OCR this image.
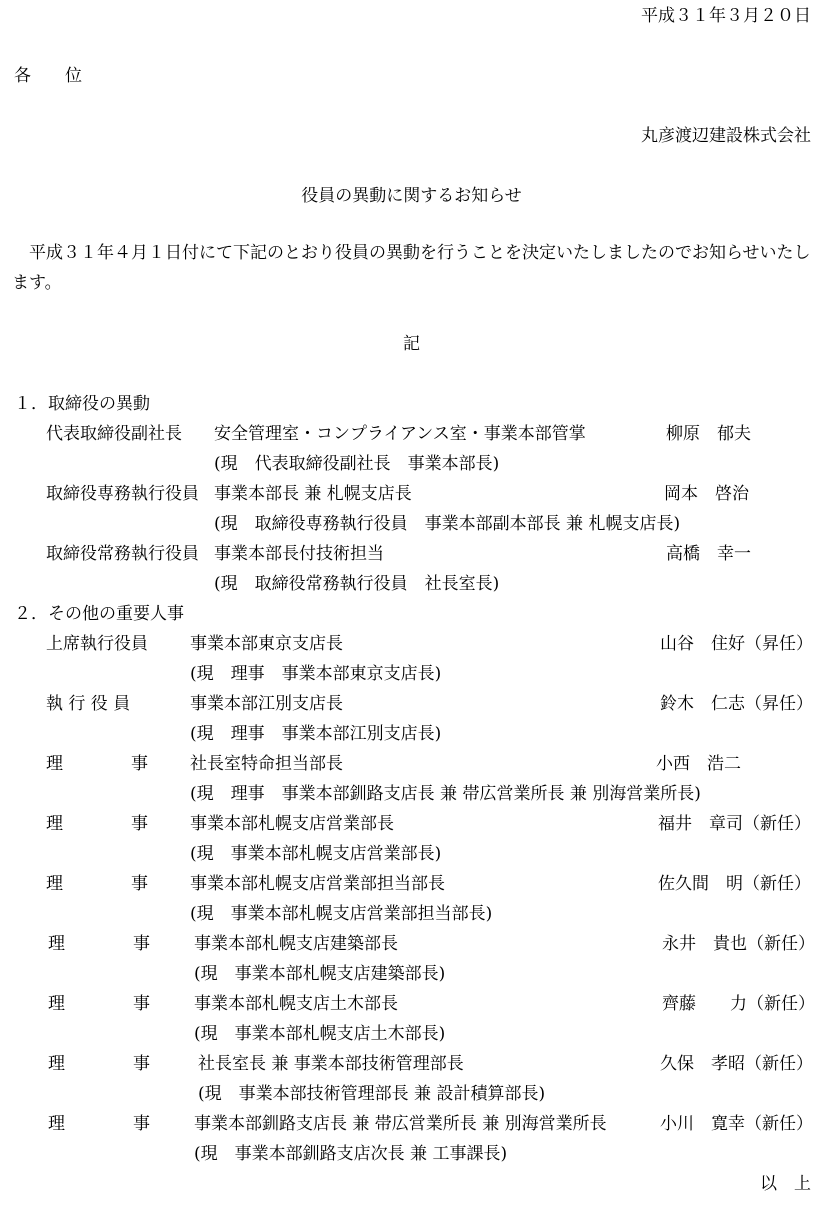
平成３１年３月２０日
各　　位
丸彦渡辺建設株式会社
役員の異動に関するお知らせ
平成３１年４月１日付にて下記のとおり役員の異動を行うことを決定いたしましたのでお知らせいたします。
記
１．取締役の異動
代表取締役副社長 安全管理室・コンプライアンス室・事業本部管掌	柳原　郁夫
(現　代表取締役副社長　事業本部長)
取締役専務執行役員 事業本部長 兼 札幌支店長	岡本　啓治
(現　取締役専務執行役員　事業本部副本部長 兼 札幌支店長)
取締役常務執行役員 事業本部長付技術担当	高橋　幸一
(現　取締役常務執行役員　社長室長)
２．その他の重要人事
上席執行役員 事業本部東京支店長	山谷　住好（昇任）
(現　理事　事業本部東京支店長)
執 行 役 員	事業本部江別支店長	鈴木　仁志（昇任）
(現　理事　事業本部江別支店長)
理　　　　事 社長室特命担当部長	小西　浩二
(現　理事　事業本部釧路支店長 兼 帯広営業所長 兼 別海営業所長)
理　　　　事 事業本部札幌支店営業部長	福井　章司（新任）
(現　事業本部札幌支店営業部長)
理　　　　事 事業本部札幌支店営業部担当部長	佐久間　明（新任）
(現　事業本部札幌支店営業部担当部長)
理　　　　事	事業本部札幌支店建築部長	永井　貴也（新任）
(現　事業本部札幌支店建築部長)
理　　　　事	事業本部札幌支店土木部長	齊藤　　力（新任）
(現　事業本部札幌支店土木部長)
理　　　　事	社長室長 兼 事業本部技術管理部長	久保　孝昭（新任）
(現　事業本部技術管理部長 兼 設計積算部長)
理　　　　事	事業本部釧路支店長 兼 帯広営業所長 兼 別海営業所長	小川　寛幸（新任）
(現　事業本部釧路支店次長 兼 工事課長)
以　上
